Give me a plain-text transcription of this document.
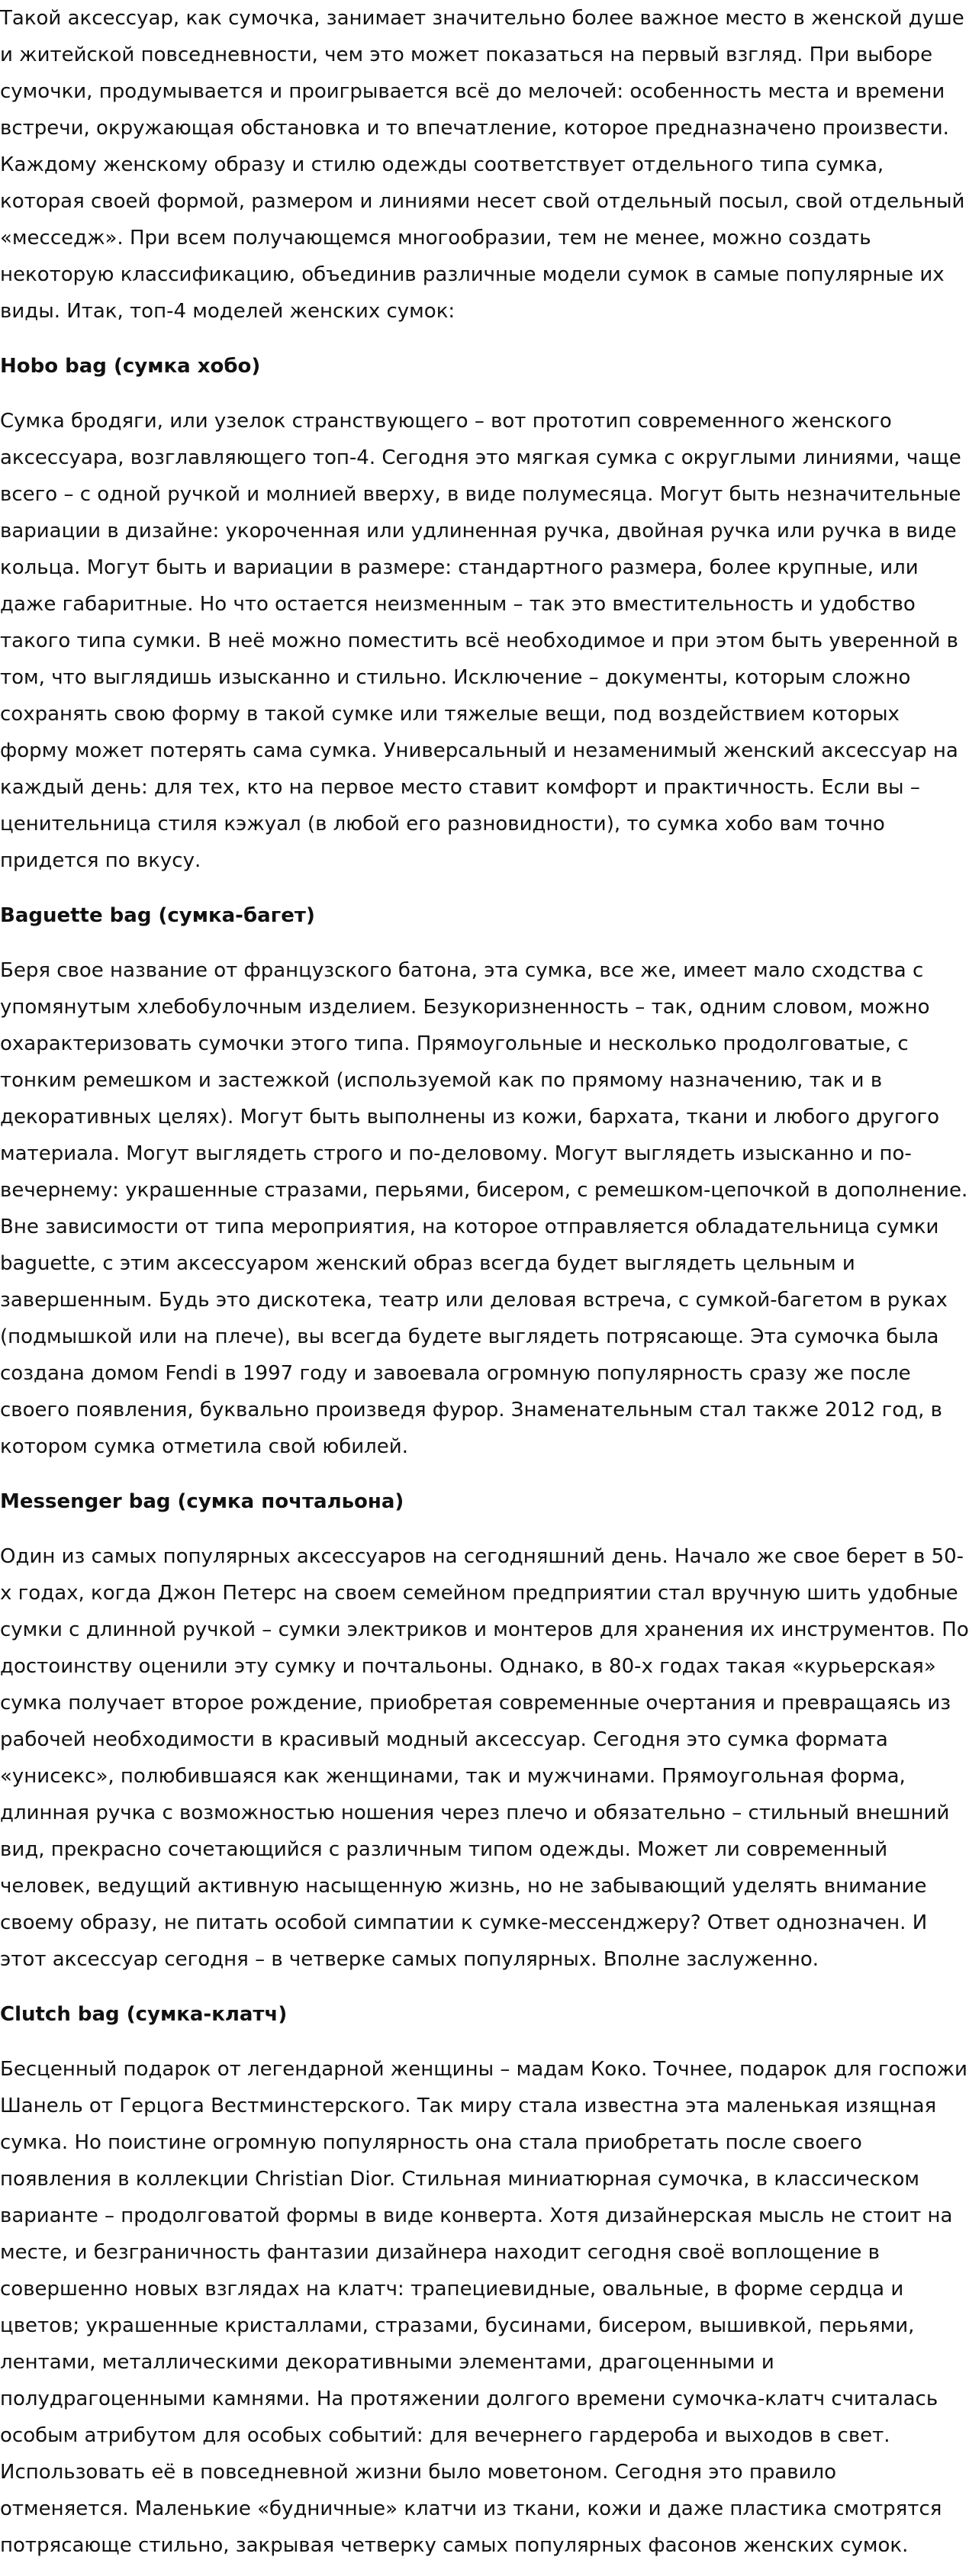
Такой аксессуар, как сумочка, занимает значительно более важное место в женской душе и житейской повседневности, чем это может показаться на первый взгляд. При выборе сумочки, продумывается и проигрывается всё до мелочей: особенность места и времени встречи, окружающая обстановка и то впечатление, которое предназначено произвести. Каждому женскому образу и стилю одежды соответствует отдельного типа сумка, которая своей формой, размером и линиями несет свой отдельный посыл, свой отдельный «месседж». При всем получающемся многообразии, тем не менее, можно создать некоторую классификацию, объединив различные модели сумок в самые популярные их виды. Итак, топ-4 моделей женских сумок:

Hobo bag (сумка хобо)

Сумка бродяги, или узелок странствующего – вот прототип современного женского аксессуара, возглавляющего топ-4. Сегодня это мягкая сумка с округлыми линиями, чаще всего – с одной ручкой и молнией вверху, в виде полумесяца. Могут быть незначительные вариации в дизайне: укороченная или удлиненная ручка, двойная ручка или ручка в виде кольца. Могут быть и вариации в размере: стандартного размера, более крупные, или даже габаритные. Но что остается неизменным – так это вместительность и удобство такого типа сумки. В неё можно поместить всё необходимое и при этом быть уверенной в том, что выглядишь изысканно и стильно. Исключение – документы, которым сложно сохранять свою форму в такой сумке или тяжелые вещи, под воздействием которых форму может потерять сама сумка. Универсальный и незаменимый женский аксессуар на каждый день: для тех, кто на первое место ставит комфорт и практичность. Если вы – ценительница стиля кэжуал (в любой его разновидности), то сумка хобо вам точно придется по вкусу.

Baguette bag (сумка-багет)

Беря свое название от французского батона, эта сумка, все же, имеет мало сходства с упомянутым хлебобулочным изделием. Безукоризненность – так, одним словом, можно охарактеризовать сумочки этого типа. Прямоугольные и несколько продолговатые, с тонким ремешком и застежкой (используемой как по прямому назначению, так и в декоративных целях). Могут быть выполнены из кожи, бархата, ткани и любого другого материала. Могут выглядеть строго и по-деловому. Могут выглядеть изысканно и по-вечернему: украшенные стразами, перьями, бисером, с ремешком-цепочкой в дополнение. Вне зависимости от типа мероприятия, на которое отправляется обладательница сумки baguette, с этим аксессуаром женский образ всегда будет выглядеть цельным и завершенным. Будь это дискотека, театр или деловая встреча, с сумкой-багетом в руках (подмышкой или на плече), вы всегда будете выглядеть потрясающе. Эта сумочка была создана домом Fendi в 1997 году и завоевала огромную популярность сразу же после своего появления, буквально произведя фурор. Знаменательным стал также 2012 год, в котором сумка отметила свой юбилей.

Messenger bag (сумка почтальона)

Один из самых популярных аксессуаров на сегодняшний день. Начало же свое берет в 50-х годах, когда Джон Петерс на своем семейном предприятии стал вручную шить удобные сумки с длинной ручкой – сумки электриков и монтеров для хранения их инструментов. По достоинству оценили эту сумку и почтальоны. Однако, в 80-х годах такая «курьерская» сумка получает второе рождение, приобретая современные очертания и превращаясь из рабочей необходимости в красивый модный аксессуар. Сегодня это сумка формата «унисекс», полюбившаяся как женщинами, так и мужчинами. Прямоугольная форма, длинная ручка с возможностью ношения через плечо и обязательно – стильный внешний вид, прекрасно сочетающийся с различным типом одежды. Может ли современный человек, ведущий активную насыщенную жизнь, но не забывающий уделять внимание своему образу, не питать особой симпатии к сумке-мессенджеру? Ответ однозначен. И этот аксессуар сегодня – в четверке самых популярных. Вполне заслуженно.

Clutch bag (сумка-клатч)

Бесценный подарок от легендарной женщины – мадам Коко. Точнее, подарок для госпожи Шанель от Герцога Вестминстерского. Так миру стала известна эта маленькая изящная сумка. Но поистине огромную популярность она стала приобретать после своего появления в коллекции Christian Dior. Стильная миниатюрная сумочка, в классическом варианте – продолговатой формы в виде конверта. Хотя дизайнерская мысль не стоит на месте, и безграничность фантазии дизайнера находит сегодня своё воплощение в совершенно новых взглядах на клатч: трапециевидные, овальные, в форме сердца и цветов; украшенные кристаллами, стразами, бусинами, бисером, вышивкой, перьями, лентами, металлическими декоративными элементами, драгоценными и полудрагоценными камнями. На протяжении долгого времени сумочка-клатч считалась особым атрибутом для особых событий: для вечернего гардероба и выходов в свет. Использовать её в повседневной жизни было моветоном. Сегодня это правило отменяется. Маленькие «будничные» клатчи из ткани, кожи и даже пластика смотрятся потрясающе стильно, закрывая четверку самых популярных фасонов женских сумок.
